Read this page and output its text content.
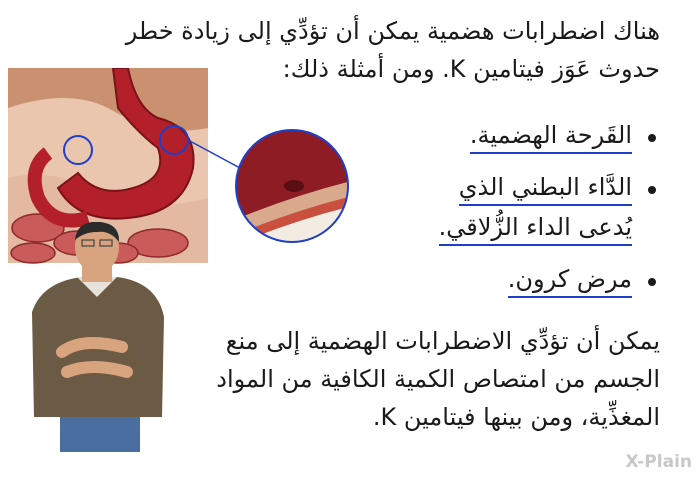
هناك اضطرابات هضمية يمكن أن تؤدِّي إلى زيادة خطر حدوث عَوَز فيتامين K. ومن أمثلة ذلك:
القَرحة الهضمية.
الدَّاء البطني الذي
يُدعى الداء الزُّلاقي.
مرض كرون.
يمكن أن تؤدِّي الاضطرابات الهضمية إلى منع الجسم من امتصاص الكمية الكافية من المواد المغذِّية، ومن بينها فيتامين K.
X-Plain
